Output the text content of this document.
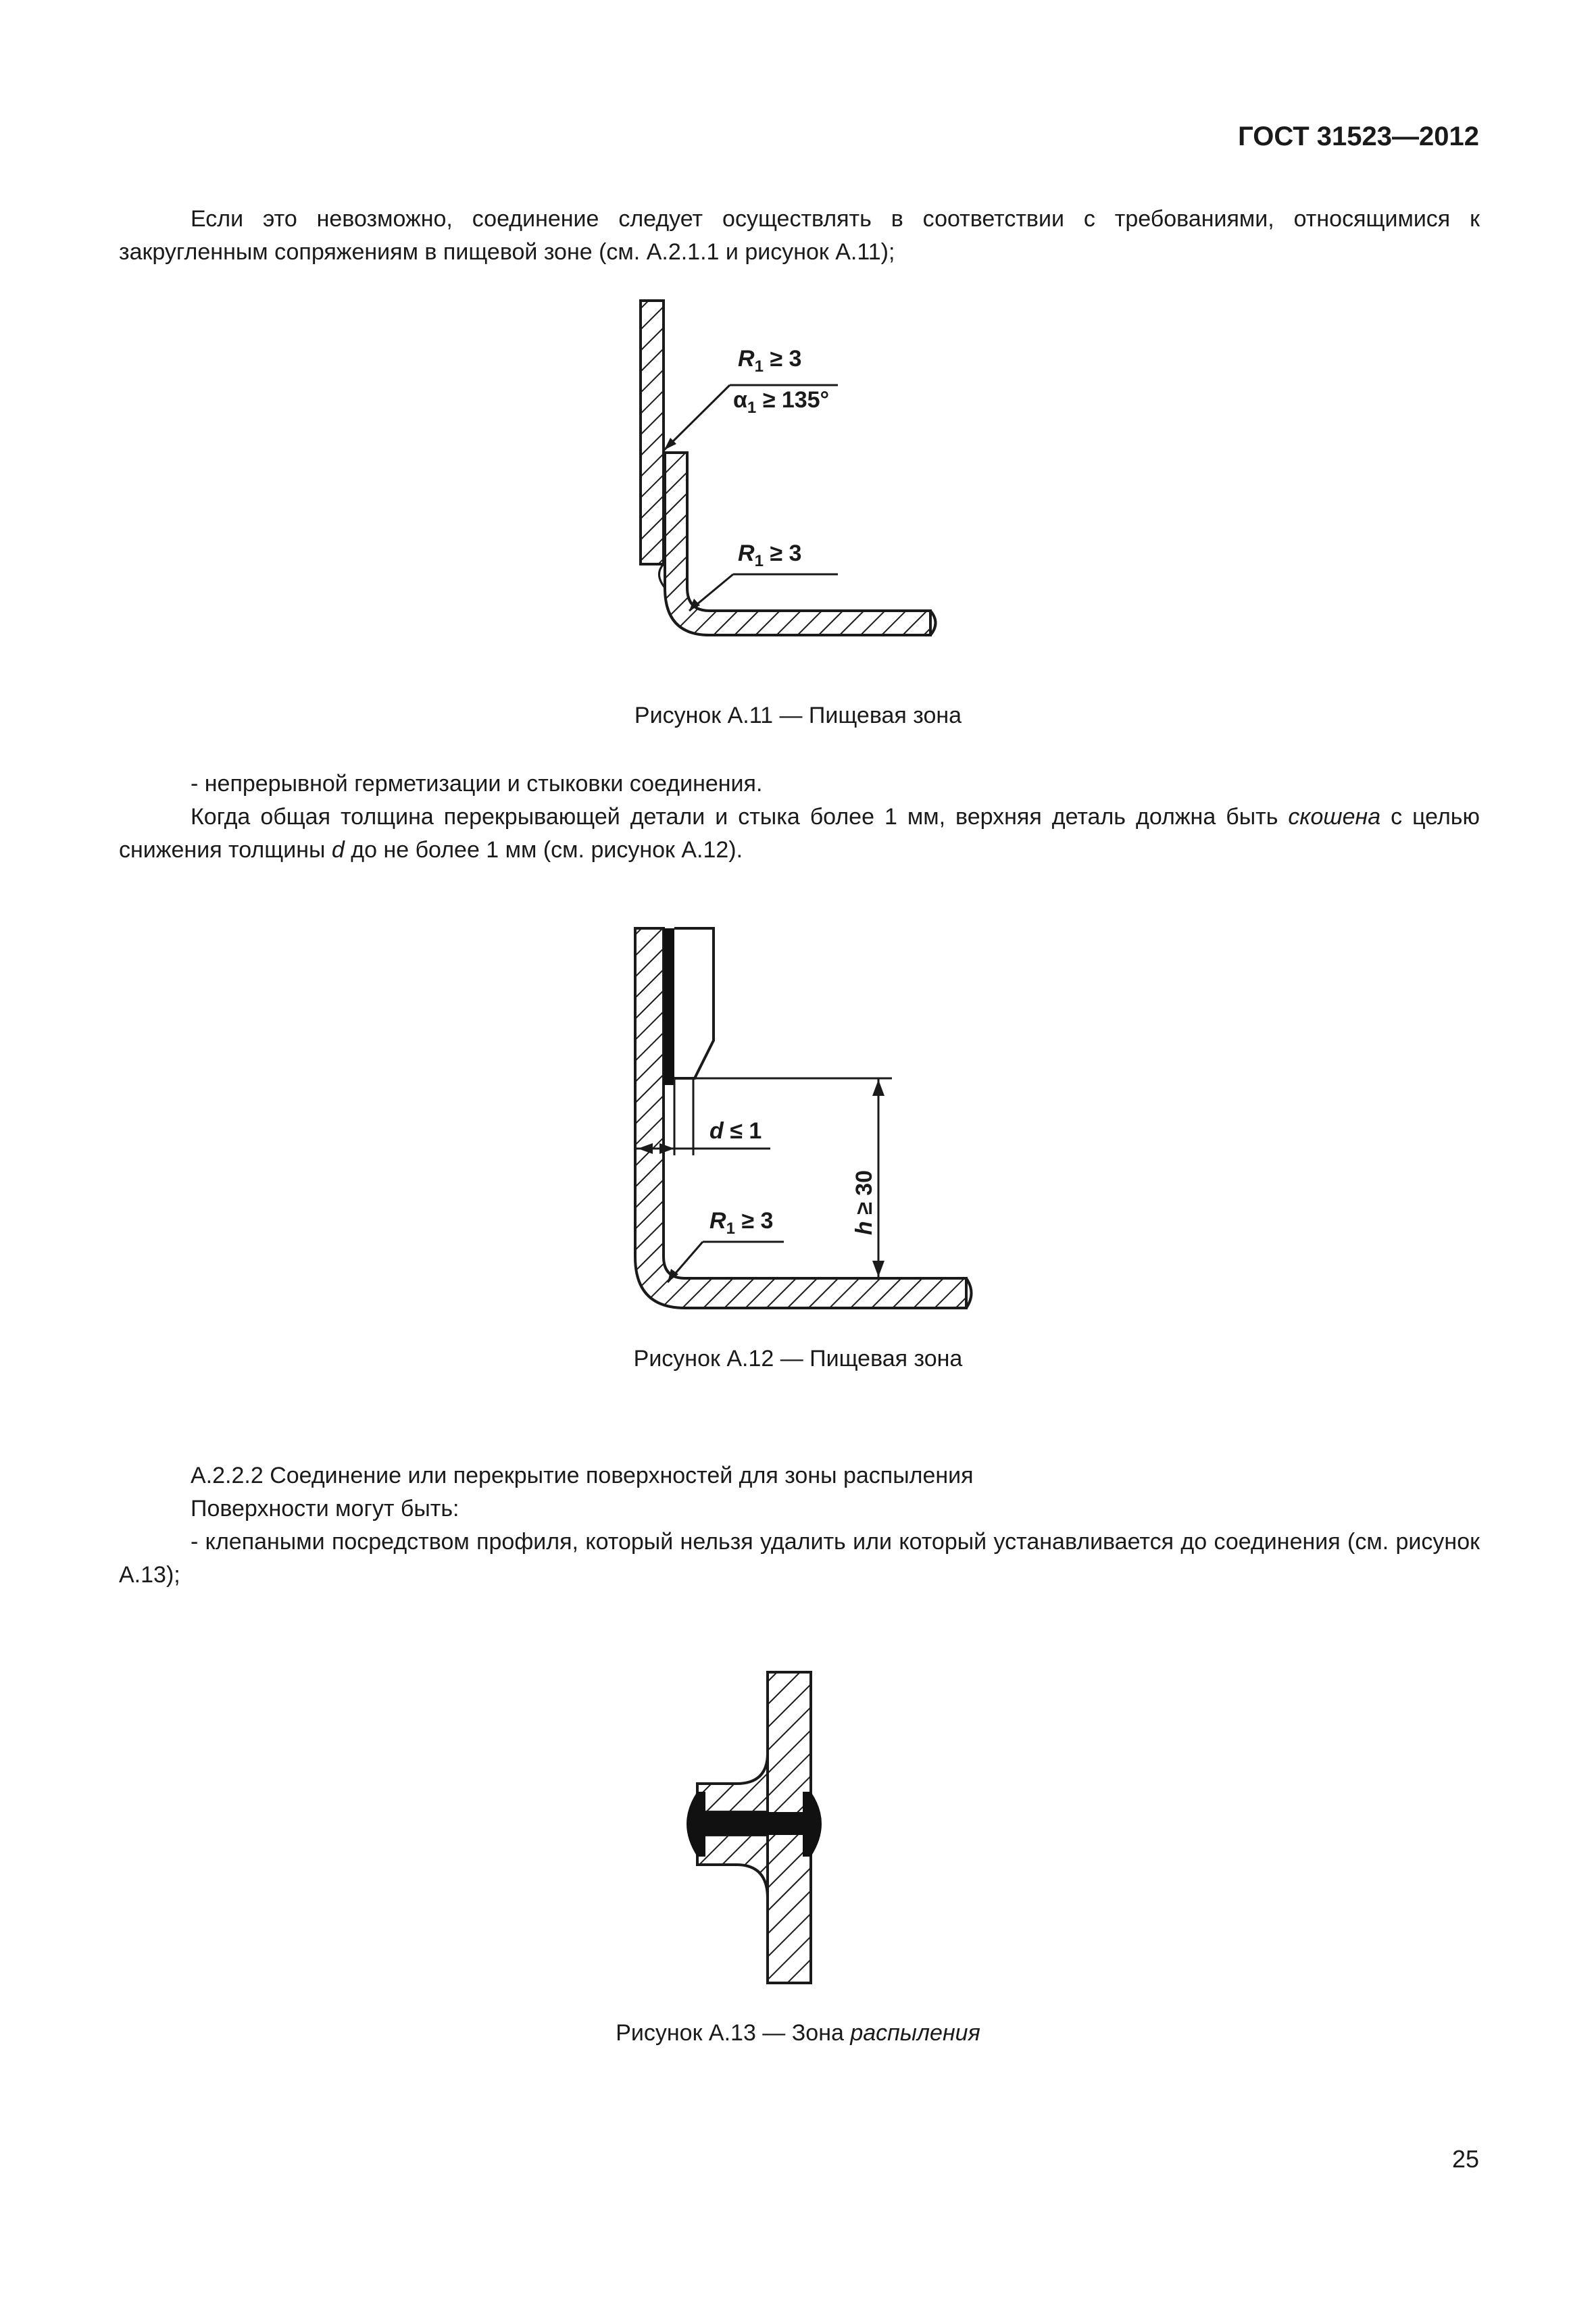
ГОСТ 31523—2012

Если это невозможно, соединение следует осуществлять в соответствии с требованиями, относящимися к закругленным сопряжениям в пищевой зоне (см. А.2.1.1 и рисунок А.11);

$R_1 \ge 3$
$\alpha_1 \ge 135^\circ$
$R_1 \ge 3$
Рисунок А.11 — Пищевая зона

- непрерывной герметизации и стыковки соединения.

Когда общая толщина перекрывающей детали и стыка более 1 мм, верхняя деталь должна быть скошена с целью снижения толщины d до не более 1 мм (см. рисунок А.12).

h ≥ 30
d ≤ 1
$R_1 \ge 3$
Рисунок А.12 — Пищевая зона

А.2.2.2 Соединение или перекрытие поверхностей для зоны распыления

Поверхности могут быть:

- клепаными посредством профиля, который нельзя удалить или который устанавливается до соединения (см. рисунок А.13);

Рисунок А.13 — Зона распыления
25
